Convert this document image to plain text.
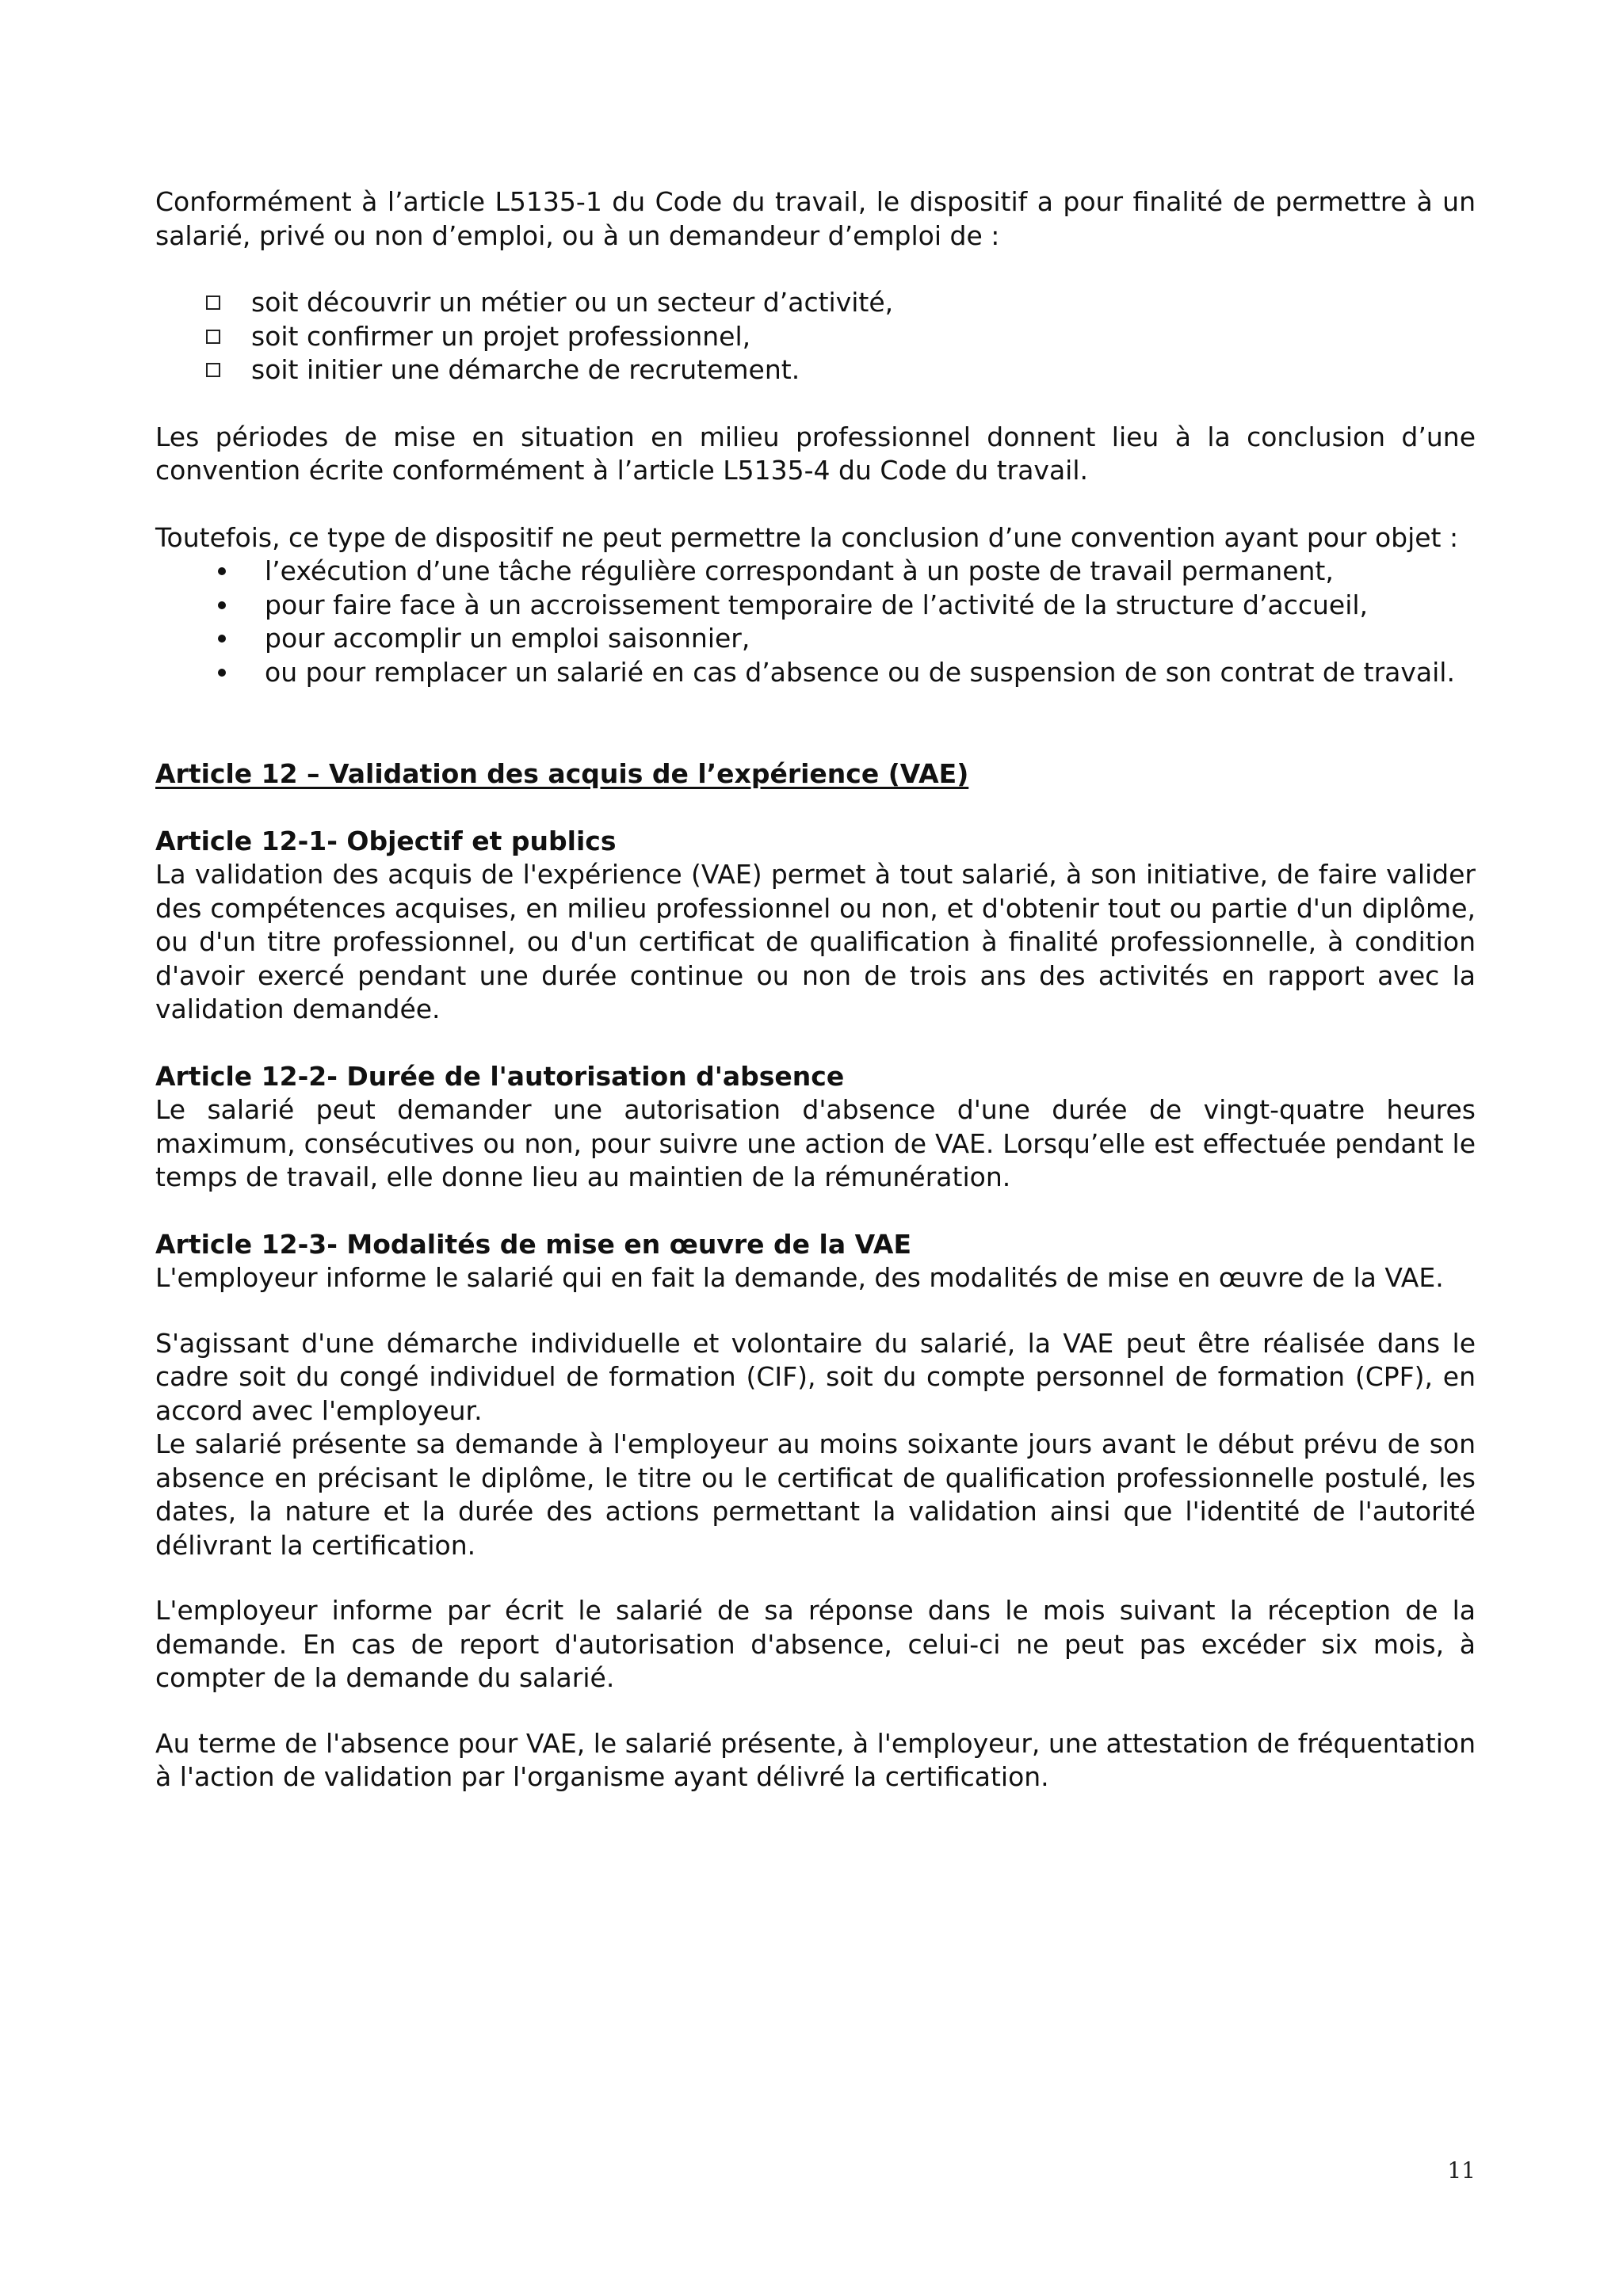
Conformément à l’article L5135-1 du Code du travail, le dispositif a pour finalité de permettre à un salarié, privé ou non d’emploi, ou à un demandeur d’emploi de :

soit découvrir un métier ou un secteur d’activité,
soit confirmer un projet professionnel,
soit initier une démarche de recrutement.

Les périodes de mise en situation en milieu professionnel donnent lieu à la conclusion d’une convention écrite conformément à l’article L5135-4 du Code du travail.

Toutefois, ce type de dispositif ne peut permettre la conclusion d’une convention ayant pour objet :

l’exécution d’une tâche régulière correspondant à un poste de travail permanent,
pour faire face à un accroissement temporaire de l’activité de la structure d’accueil,
pour accomplir un emploi saisonnier,
ou pour remplacer un salarié en cas d’absence ou de suspension de son contrat de travail.

Article 12 – Validation des acquis de l’expérience (VAE)

Article 12-1- Objectif et publics

La validation des acquis de l'expérience (VAE) permet à tout salarié, à son initiative, de faire valider des compétences acquises, en milieu professionnel ou non, et d'obtenir tout ou partie d'un diplôme, ou d'un titre professionnel, ou d'un certificat de qualification à finalité professionnelle, à condition d'avoir exercé pendant une durée continue ou non de trois ans des activités en rapport avec la validation demandée.

Article 12-2- Durée de l'autorisation d'absence

Le salarié peut demander une autorisation d'absence d'une durée de vingt-quatre heures maximum, consécutives ou non, pour suivre une action de VAE. Lorsqu’elle est effectuée pendant le temps de travail, elle donne lieu au maintien de la rémunération.

Article 12-3- Modalités de mise en œuvre de la VAE

L'employeur informe le salarié qui en fait la demande, des modalités de mise en œuvre de la VAE.

S'agissant d'une démarche individuelle et volontaire du salarié, la VAE peut être réalisée dans le cadre soit du congé individuel de formation (CIF), soit du compte personnel de formation (CPF), en accord avec l'employeur.

Le salarié présente sa demande à l'employeur au moins soixante jours avant le début prévu de son absence en précisant le diplôme, le titre ou le certificat de qualification professionnelle postulé, les dates, la nature et la durée des actions permettant la validation ainsi que l'identité de l'autorité délivrant la certification.

L'employeur informe par écrit le salarié de sa réponse dans le mois suivant la réception de la demande. En cas de report d'autorisation d'absence, celui-ci ne peut pas excéder six mois, à compter de la demande du salarié.

Au terme de l'absence pour VAE, le salarié présente, à l'employeur, une attestation de fréquentation à l'action de validation par l'organisme ayant délivré la certification.

11
